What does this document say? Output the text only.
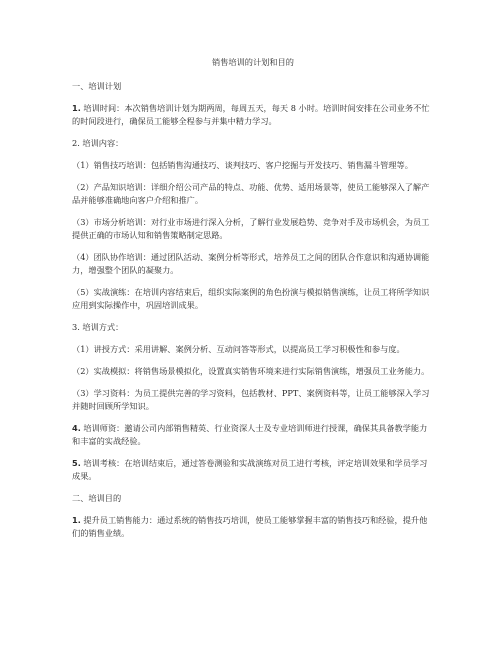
销售培训的计划和目的
一、培训计划
1. 培训时间：本次销售培训计划为期两周，每周五天，每天 8 小时。培训时间安排在公司业务不忙的时间段进行，确保员工能够全程参与并集中精力学习。
2. 培训内容：
（1）销售技巧培训：包括销售沟通技巧、谈判技巧、客户挖掘与开发技巧、销售漏斗管理等。
（2）产品知识培训：详细介绍公司产品的特点、功能、优势、适用场景等，使员工能够深入了解产品并能够准确地向客户介绍和推广。
（3）市场分析培训：对行业市场进行深入分析，了解行业发展趋势、竞争对手及市场机会，为员工提供正确的市场认知和销售策略制定思路。
（4）团队协作培训：通过团队活动、案例分析等形式，培养员工之间的团队合作意识和沟通协调能力，增强整个团队的凝聚力。
（5）实战演练：在培训内容结束后，组织实际案例的角色扮演与模拟销售演练，让员工将所学知识应用到实际操作中，巩固培训成果。
3. 培训方式：
（1）讲授方式：采用讲解、案例分析、互动问答等形式，以提高员工学习积极性和参与度。
（2）实战模拟：将销售场景模拟化，设置真实销售环境来进行实际销售演练，增强员工业务能力。
（3）学习资料：为员工提供完善的学习资料，包括教材、PPT、案例资料等，让员工能够深入学习并随时回顾所学知识。
4. 培训师资：邀请公司内部销售精英、行业资深人士及专业培训师进行授课，确保其具备教学能力和丰富的实战经验。
5. 培训考核：在培训结束后，通过答卷测验和实战演练对员工进行考核，评定培训效果和学员学习成果。
二、培训目的
1. 提升员工销售能力：通过系统的销售技巧培训，使员工能够掌握丰富的销售技巧和经验，提升他们的销售业绩。
